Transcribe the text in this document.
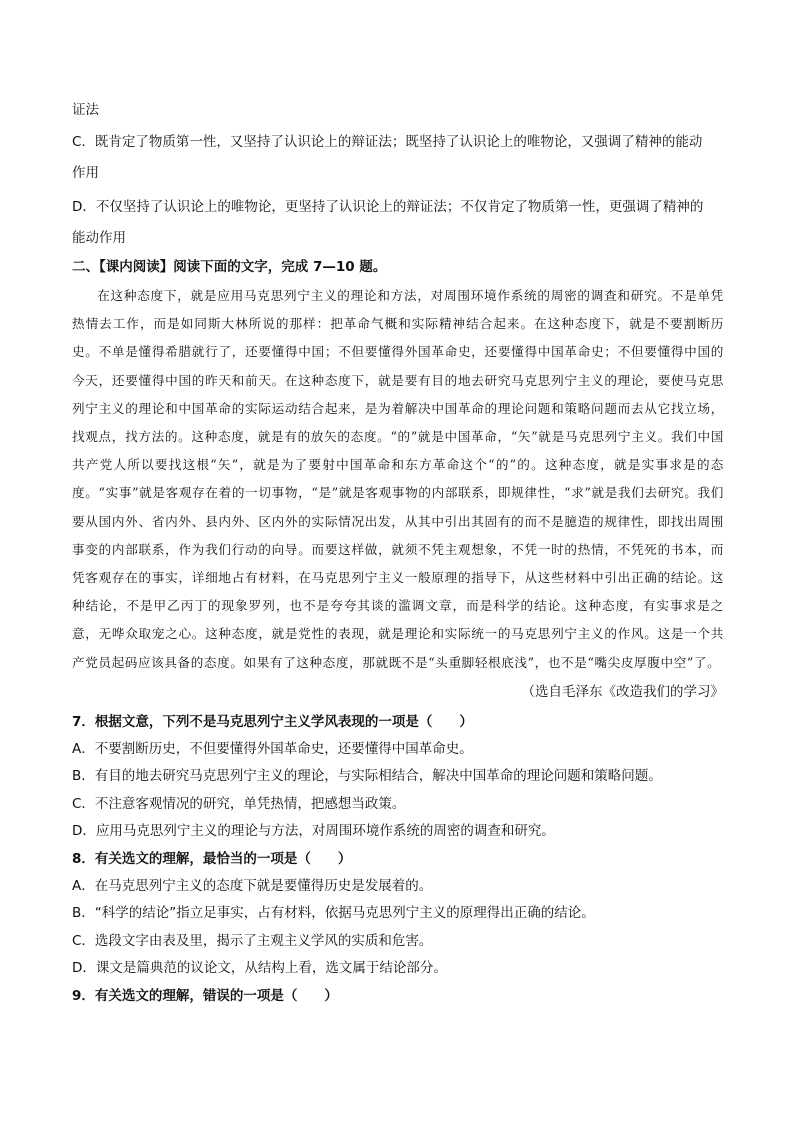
证法
C．既肯定了物质第一性，又坚持了认识论上的辩证法；既坚持了认识论上的唯物论，又强调了精神的能动
作用
D．不仅坚持了认识论上的唯物论，更坚持了认识论上的辩证法；不仅肯定了物质第一性，更强调了精神的
能动作用
二、【课内阅读】阅读下面的文字，完成 7—10 题。
在这种态度下，就是应用马克思列宁主义的理论和方法，对周围环境作系统的周密的调查和研究。不是单凭热情去工作，而是如同斯大林所说的那样：把革命气概和实际精神结合起来。在这种态度下，就是不要割断历史。不单是懂得希腊就行了，还要懂得中国；不但要懂得外国革命史，还要懂得中国革命史；不但要懂得中国的今天，还要懂得中国的昨天和前天。在这种态度下，就是要有目的地去研究马克思列宁主义的理论，要使马克思列宁主义的理论和中国革命的实际运动结合起来，是为着解决中国革命的理论问题和策略问题而去从它找立场，找观点，找方法的。这种态度，就是有的放矢的态度。“的”就是中国革命，“矢”就是马克思列宁主义。我们中国共产党人所以要找这根“矢”，就是为了要射中国革命和东方革命这个“的”的。这种态度，就是实事求是的态度。“实事”就是客观存在着的一切事物，“是”就是客观事物的内部联系，即规律性，“求”就是我们去研究。我们要从国内外、省内外、县内外、区内外的实际情况出发，从其中引出其固有的而不是臆造的规律性，即找出周围事变的内部联系，作为我们行动的向导。而要这样做，就须不凭主观想象，不凭一时的热情，不凭死的书本，而凭客观存在的事实，详细地占有材料，在马克思列宁主义一般原理的指导下，从这些材料中引出正确的结论。这种结论，不是甲乙丙丁的现象罗列，也不是夸夸其谈的滥调文章，而是科学的结论。这种态度，有实事求是之意，无哗众取宠之心。这种态度，就是党性的表现，就是理论和实际统一的马克思列宁主义的作风。这是一个共产党员起码应该具备的态度。如果有了这种态度，那就既不是“头重脚轻根底浅”，也不是“嘴尖皮厚腹中空”了。
（选自毛泽东《改造我们的学习》
7．根据文意，下列不是马克思列宁主义学风表现的一项是（　　）
A．不要割断历史，不但要懂得外国革命史，还要懂得中国革命史。
B．有目的地去研究马克思列宁主义的理论，与实际相结合，解决中国革命的理论问题和策略问题。
C．不注意客观情况的研究，单凭热情，把感想当政策。
D．应用马克思列宁主义的理论与方法，对周围环境作系统的周密的调查和研究。
8．有关选文的理解，最恰当的一项是（　　）
A．在马克思列宁主义的态度下就是要懂得历史是发展着的。
B．“科学的结论”指立足事实，占有材料，依据马克思列宁主义的原理得出正确的结论。
C．选段文字由表及里，揭示了主观主义学风的实质和危害。
D．课文是篇典范的议论文，从结构上看，选文属于结论部分。
9．有关选文的理解，错误的一项是（　　）
